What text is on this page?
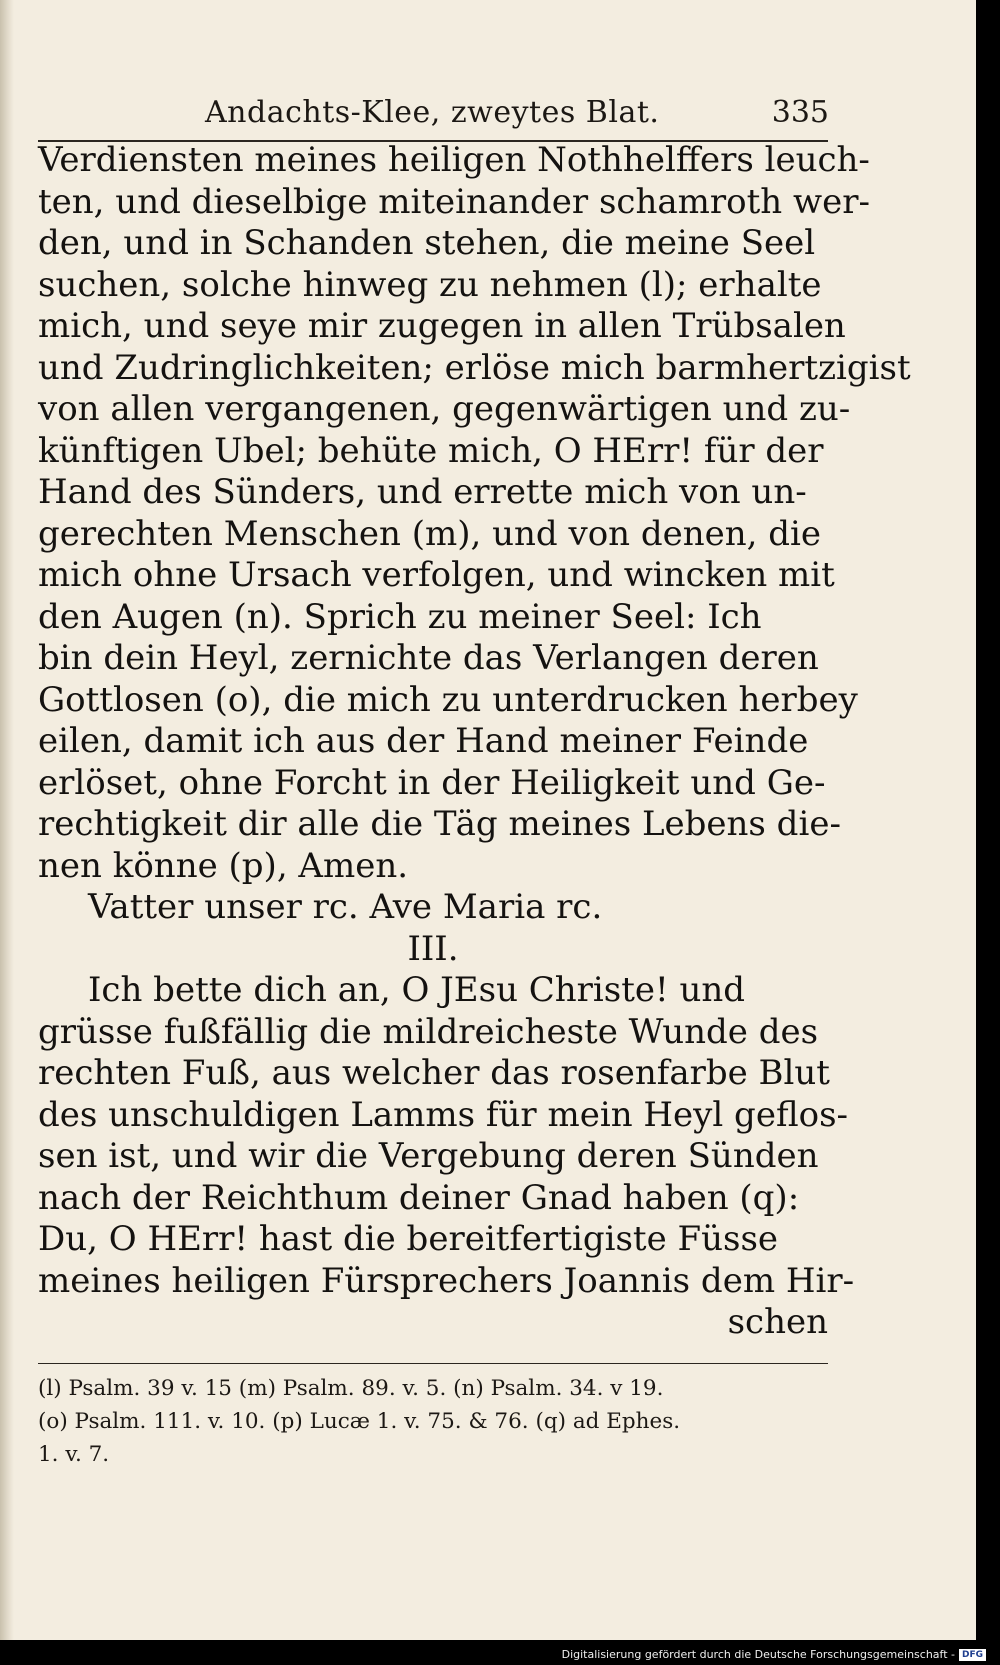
Andachts-Klee, zweytes Blat.	335
Verdiensten meines heiligen Nothhelffers leuch-
ten, und dieselbige miteinander schamroth wer-
den, und in Schanden stehen, die meine Seel
suchen, solche hinweg zu nehmen (l); erhalte
mich, und seye mir zugegen in allen Trübsalen
und Zudringlichkeiten; erlöse mich barmhertzigist
von allen vergangenen, gegenwärtigen und zu-
künftigen Ubel; behüte mich, O HErr! für der
Hand des Sünders, und errette mich von un-
gerechten Menschen (m), und von denen, die
mich ohne Ursach verfolgen, und wincken mit
den Augen (n). Sprich zu meiner Seel: Ich
bin dein Heyl, zernichte das Verlangen deren
Gottlosen (o), die mich zu unterdrucken herbey
eilen, damit ich aus der Hand meiner Feinde
erlöset, ohne Forcht in der Heiligkeit und Ge-
rechtigkeit dir alle die Täg meines Lebens die-
nen könne (p), Amen.
Vatter unser rc. Ave Maria rc.
III.
Ich bette dich an, O JEsu Christe! und
grüsse fußfällig die mildreicheste Wunde des
rechten Fuß, aus welcher das rosenfarbe Blut
des unschuldigen Lamms für mein Heyl geflos-
sen ist, und wir die Vergebung deren Sünden
nach der Reichthum deiner Gnad haben (q):
Du, O HErr! hast die bereitfertigiste Füsse
meines heiligen Fürsprechers Joannis dem Hir-
schen
(l) Psalm. 39 v. 15 (m) Psalm. 89. v. 5. (n) Psalm. 34. v 19.
(o) Psalm. 111. v. 10. (p) Lucæ 1. v. 75. & 76. (q) ad Ephes.
1. v. 7.
Digitalisierung gefördert durch die Deutsche Forschungsgemeinschaft - DFG
